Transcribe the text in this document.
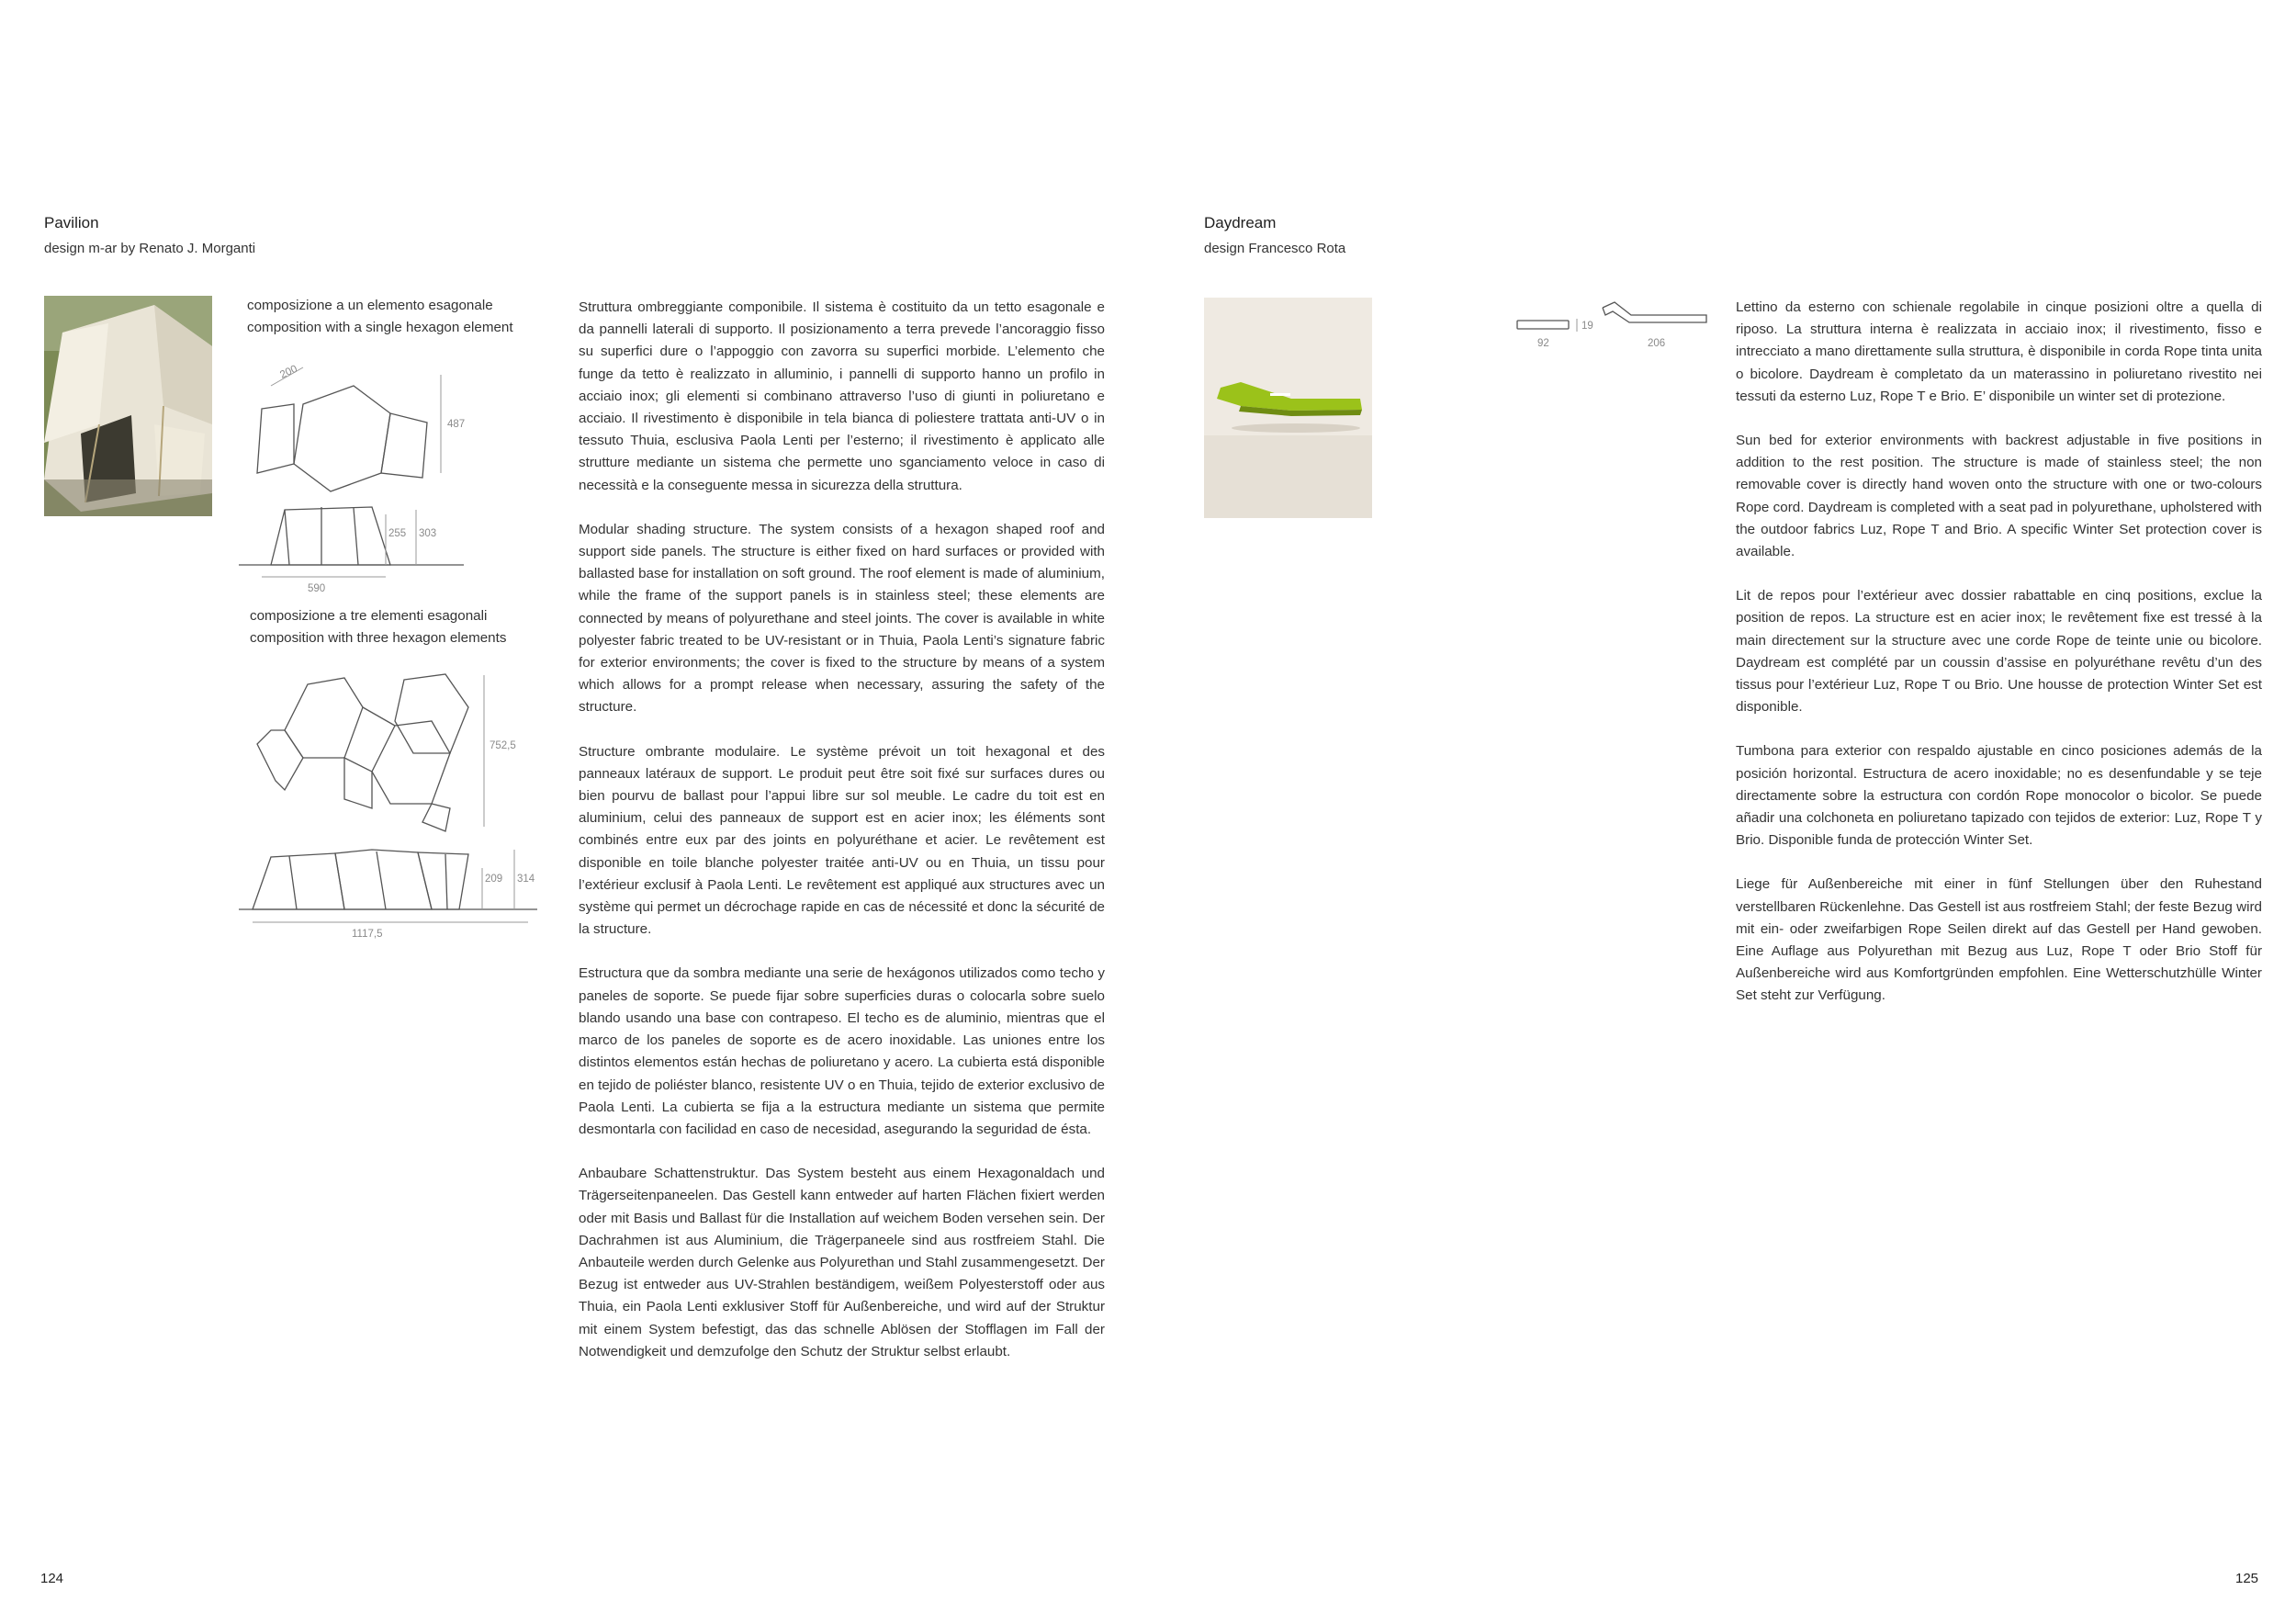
Pavilion
design m-ar by Renato J. Morganti
composizione a un elemento esagonale
composition with a single hexagon element
200
487
255 303
590
composizione a tre elementi esagonali
composition with three hexagon elements
752,5
209 314
1117,5

Struttura ombreggiante componibile. Il sistema è costituito da un tetto esagonale e da pannelli laterali di supporto. Il posizionamento a terra prevede l’ancoraggio fisso su superfici dure o l’appoggio con zavorra su superfici morbide. L’elemento che funge da tetto è realizzato in alluminio, i pannelli di supporto hanno un profilo in acciaio inox; gli elementi si combinano attraverso l’uso di giunti in poliuretano e acciaio. Il rivestimento è disponibile in tela bianca di poliestere trattata anti-UV o in tessuto Thuia, esclusiva Paola Lenti per l’esterno; il rivestimento è applicato alle strutture mediante un sistema che permette uno sganciamento veloce in caso di necessità e la conseguente messa in sicurezza della struttura.

Modular shading structure. The system consists of a hexagon shaped roof and support side panels. The structure is either fixed on hard surfaces or provided with ballasted base for installation on soft ground. The roof element is made of aluminium, while the frame of the support panels is in stainless steel; these elements are connected by means of polyurethane and steel joints. The cover is available in white polyester fabric treated to be UV-resistant or in Thuia, Paola Lenti’s signature fabric for exterior environments; the cover is fixed to the structure by means of a system which allows for a prompt release when necessary, assuring the safety of the structure.

Structure ombrante modulaire. Le système prévoit un toit hexagonal et des panneaux latéraux de support. Le produit peut être soit fixé sur surfaces dures ou bien pourvu de ballast pour l’appui libre sur sol meuble. Le cadre du toit est en aluminium, celui des panneaux de support est en acier inox; les éléments sont combinés entre eux par des joints en polyuréthane et acier. Le revêtement est disponible en toile blanche polyester traitée anti-UV ou en Thuia, un tissu pour l’extérieur exclusif à Paola Lenti. Le revêtement est appliqué aux structures avec un système qui permet un décrochage rapide en cas de nécessité et donc la sécurité de la structure.

Estructura que da sombra mediante una serie de hexágonos utilizados como techo y paneles de soporte. Se puede fijar sobre superficies duras o colocarla sobre suelo blando usando una base con contrapeso. El techo es de aluminio, mientras que el marco de los paneles de soporte es de acero inoxidable. Las uniones entre los distintos elementos están hechas de poliuretano y acero. La cubierta está disponible en tejido de poliéster blanco, resistente UV o en Thuia, tejido de exterior exclusivo de Paola Lenti. La cubierta se fija a la estructura mediante un sistema que permite desmontarla con facilidad en caso de necesidad, asegurando la seguridad de ésta.

Anbaubare Schattenstruktur. Das System besteht aus einem Hexagonaldach und Trägerseitenpaneelen. Das Gestell kann entweder auf harten Flächen fixiert werden oder mit Basis und Ballast für die Installation auf weichem Boden versehen sein. Der Dachrahmen ist aus Aluminium, die Trägerpaneele sind aus rostfreiem Stahl. Die Anbauteile werden durch Gelenke aus Polyurethan und Stahl zusammengesetzt. Der Bezug ist entweder aus UV-Strahlen beständigem, weißem Polyesterstoff oder aus Thuia, ein Paola Lenti exklusiver Stoff für Außenbereiche, und wird auf der Struktur mit einem System befestigt, das das schnelle Ablösen der Stofflagen im Fall der Notwendigkeit und demzufolge den Schutz der Struktur selbst erlaubt.

124
Daydream
design Francesco Rota
19
92	206

Lettino da esterno con schienale regolabile in cinque posizioni oltre a quella di riposo. La struttura interna è realizzata in acciaio inox; il rivestimento, fisso e intrecciato a mano direttamente sulla struttura, è disponibile in corda Rope tinta unita o bicolore. Daydream è completato da un materassino in poliuretano rivestito nei tessuti da esterno Luz, Rope T e Brio. E’ disponibile un winter set di protezione.

Sun bed for exterior environments with backrest adjustable in five positions in addition to the rest position. The structure is made of stainless steel; the non removable cover is directly hand woven onto the structure with one or two-colours Rope cord. Daydream is completed with a seat pad in polyurethane, upholstered with the outdoor fabrics Luz, Rope T and Brio. A specific Winter Set protection cover is available.

Lit de repos pour l’extérieur avec dossier rabattable en cinq positions, exclue la position de repos. La structure est en acier inox; le revêtement fixe est tressé à la main directement sur la structure avec une corde Rope de teinte unie ou bicolore. Daydream est complété par un coussin d’assise en polyuréthane revêtu d’un des tissus pour l’extérieur Luz, Rope T ou Brio. Une housse de protection Winter Set est disponible.

Tumbona para exterior con respaldo ajustable en cinco posiciones además de la posición horizontal. Estructura de acero inoxidable; no es desenfundable y se teje directamente sobre la estructura con cordón Rope monocolor o bicolor. Se puede añadir una colchoneta en poliuretano tapizado con tejidos de exterior: Luz, Rope T y Brio. Disponible funda de protección Winter Set.

Liege für Außenbereiche mit einer in fünf Stellungen über den Ruhestand verstellbaren Rückenlehne. Das Gestell ist aus rostfreiem Stahl; der feste Bezug wird mit ein- oder zweifarbigen Rope Seilen direkt auf das Gestell per Hand gewoben. Eine Auflage aus Polyurethan mit Bezug aus Luz, Rope T oder Brio Stoff für Außenbereiche wird aus Komfortgründen empfohlen. Eine Wetterschutzhülle Winter Set steht zur Verfügung.

125
